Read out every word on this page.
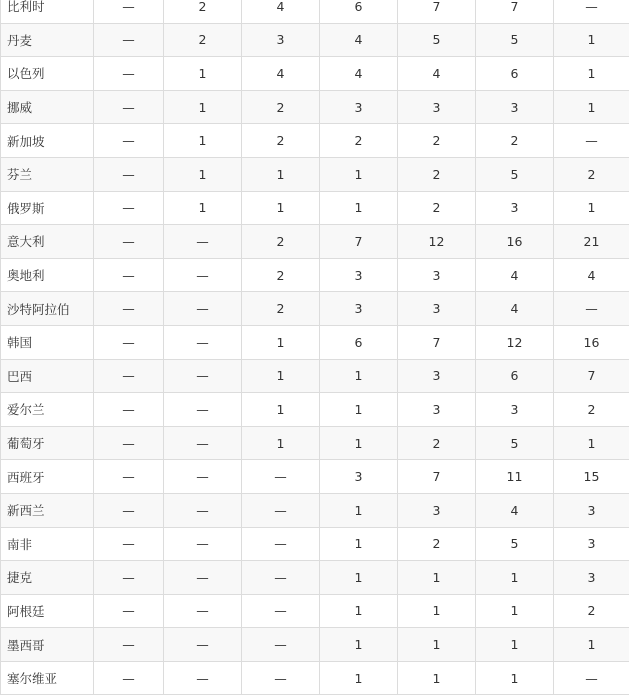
比利时	—	2	4	6	7	7	—
丹麦	—	2	3	4	5	5	1
以色列	—	1	4	4	4	6	1
挪威	—	1	2	3	3	3	1
新加坡	—	1	2	2	2	2	—
芬兰	—	1	1	1	2	5	2
俄罗斯	—	1	1	1	2	3	1
意大利	—	—	2	7	12	16	21
奥地利	—	—	2	3	3	4	4
沙特阿拉伯	—	—	2	3	3	4	—
韩国	—	—	1	6	7	12	16
巴西	—	—	1	1	3	6	7
爱尔兰	—	—	1	1	3	3	2
葡萄牙	—	—	1	1	2	5	1
西班牙	—	—	—	3	7	11	15
新西兰	—	—	—	1	3	4	3
南非	—	—	—	1	2	5	3
捷克	—	—	—	1	1	1	3
阿根廷	—	—	—	1	1	1	2
墨西哥	—	—	—	1	1	1	1
塞尔维亚	—	—	—	1	1	1	—
